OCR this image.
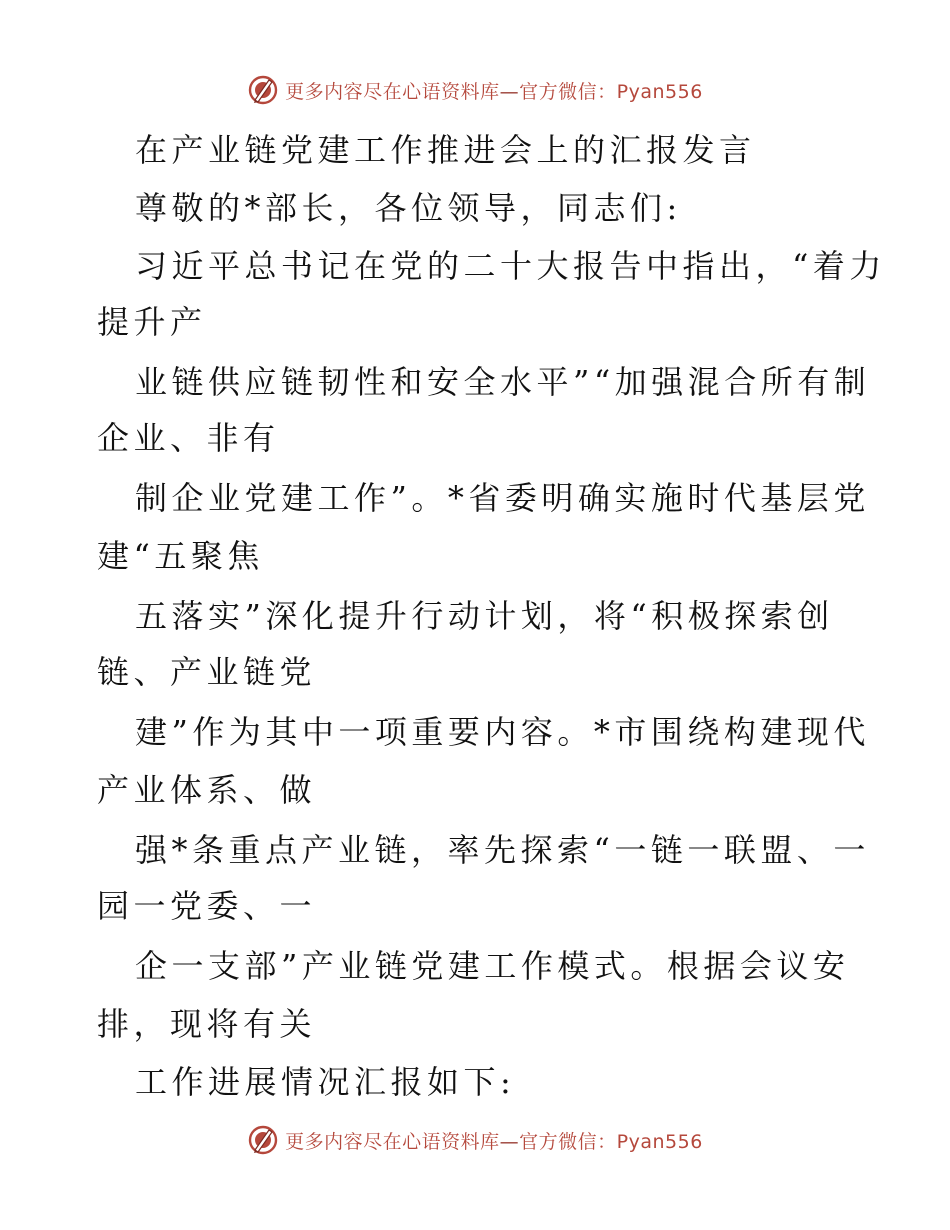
更多内容尽在心语资料库—官方微信：Pyan556
在产业链党建工作推进会上的汇报发言
尊敬的*部长，各位领导，同志们:
习近平总书记在党的二十大报告中指出，“着力
提升产
业链供应链韧性和安全水平”“加强混合所有制
企业、非有
制企业党建工作”。*省委明确实施时代基层党
建“五聚焦
五落实”深化提升行动计划，将“积极探索创
链、产业链党
建”作为其中一项重要内容。*市围绕构建现代
产业体系、做
强*条重点产业链，率先探索“一链一联盟、一
园一党委、一
企一支部”产业链党建工作模式。根据会议安
排，现将有关
工作进展情况汇报如下:
更多内容尽在心语资料库—官方微信：Pyan556
